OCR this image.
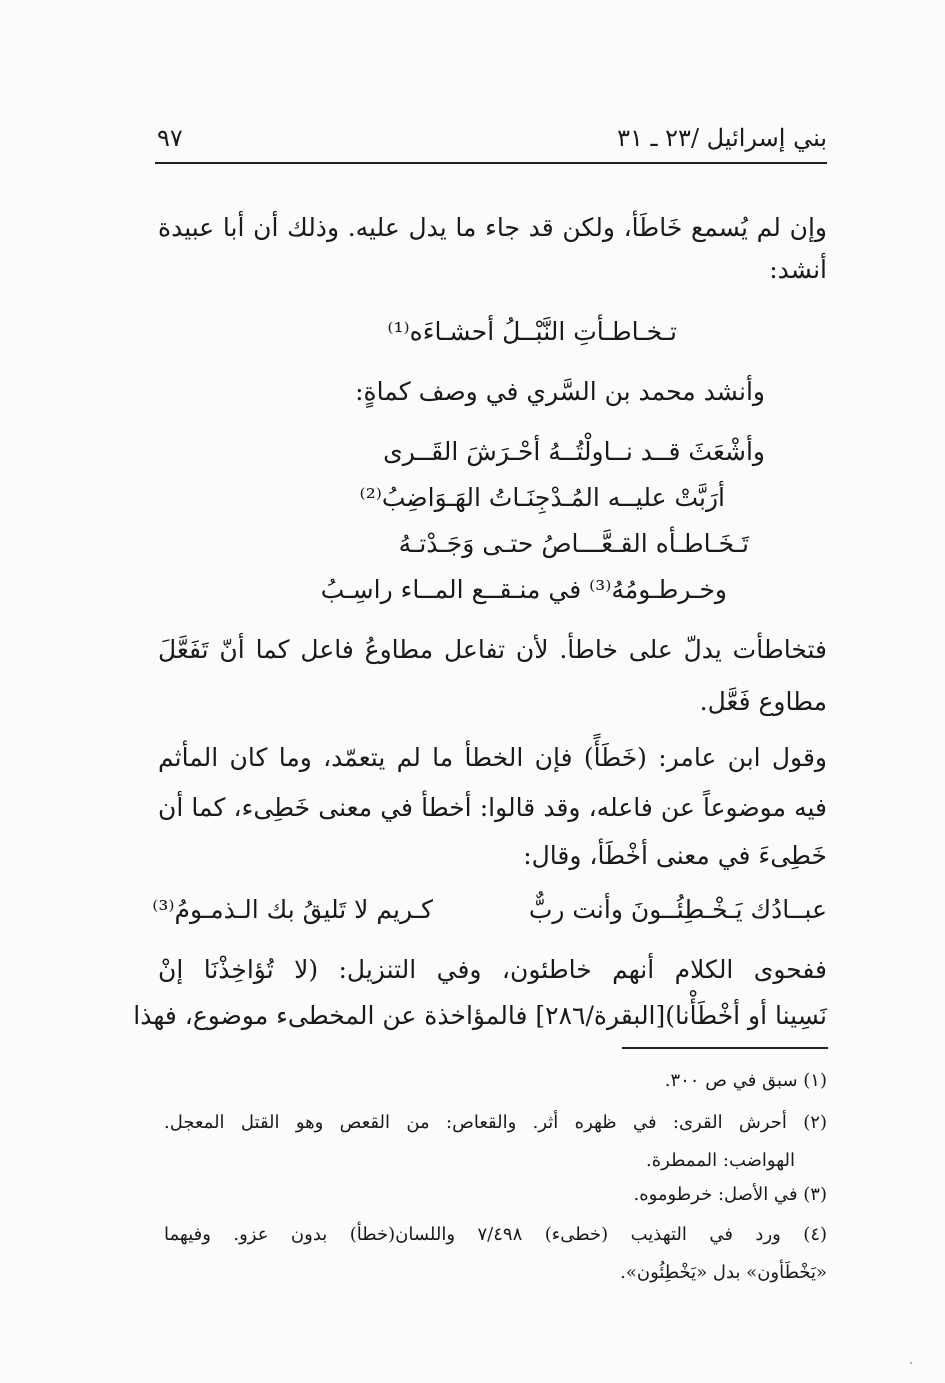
بني إسرائيل /٢٣ ـ ٣١
٩٧
وإن لم يُسمع خَاطَأ، ولكن قد جاء ما يدل عليه. وذلك أن أبا عبيدة
أنشد:
تـخـاطـأتِ النَّبْــلُ أحشـاءَه⁽¹⁾
وأنشد محمد بن السَّري في وصف كماةٍ:
وأشْعَثَ قــد نــاولْتُــهُ أحْـرَشَ القَــرى
أرَبَّتْ عليــه المُـدْجِنَـاتُ الهَـوَاضِبُ⁽²⁾
تَـخَـاطـأه القـعَّـــاصُ حتـى وَجَـدْتـهُ
وخـرطـومُهُ⁽³⁾ في منـقــع المــاء راسِـبُ
فتخاطأت يدلّ على خاطأ. لأن تفاعل مطاوعُ فاعل كما أنّ تَفَعَّلَ
مطاوع فَعَّل.
وقول ابن عامر: (خَطَأً) فإن الخطأ ما لم يتعمّد، وما كان المأثم
فيه موضوعاً عن فاعله، وقد قالوا: أخطأ في معنى خَطِىء، كما أن
خَطِىءَ في معنى أخْطَأ، وقال:
عبــادُك يَـخْـطِئُــونَ وأنت ربٌّ
كـريم لا تَليقُ بك الـذمـومُ⁽³⁾
ففحوى الكلام أنهم خاطئون، وفي التنزيل: (لا تُؤاخِذْنَا إنْ
نَسِينا أو أخْطَأْنا)[البقرة/٢٨٦] فالمؤاخذة عن المخطىء موضوع، فهذا
(١) سبق في ص ٣٠٠.
(٢) أحرش القرى: في ظهره أثر. والقعاص: من القعص وهو القتل المعجل.
الهواضب: الممطرة.
(٣) في الأصل: خرطوموه.
(٤) ورد في التهذيب (خطىء) ٧/٤٩٨ واللسان(خطأ) بدون عزو. وفيهما
«يَخْطَأون» بدل «يَخْطِئُون».
